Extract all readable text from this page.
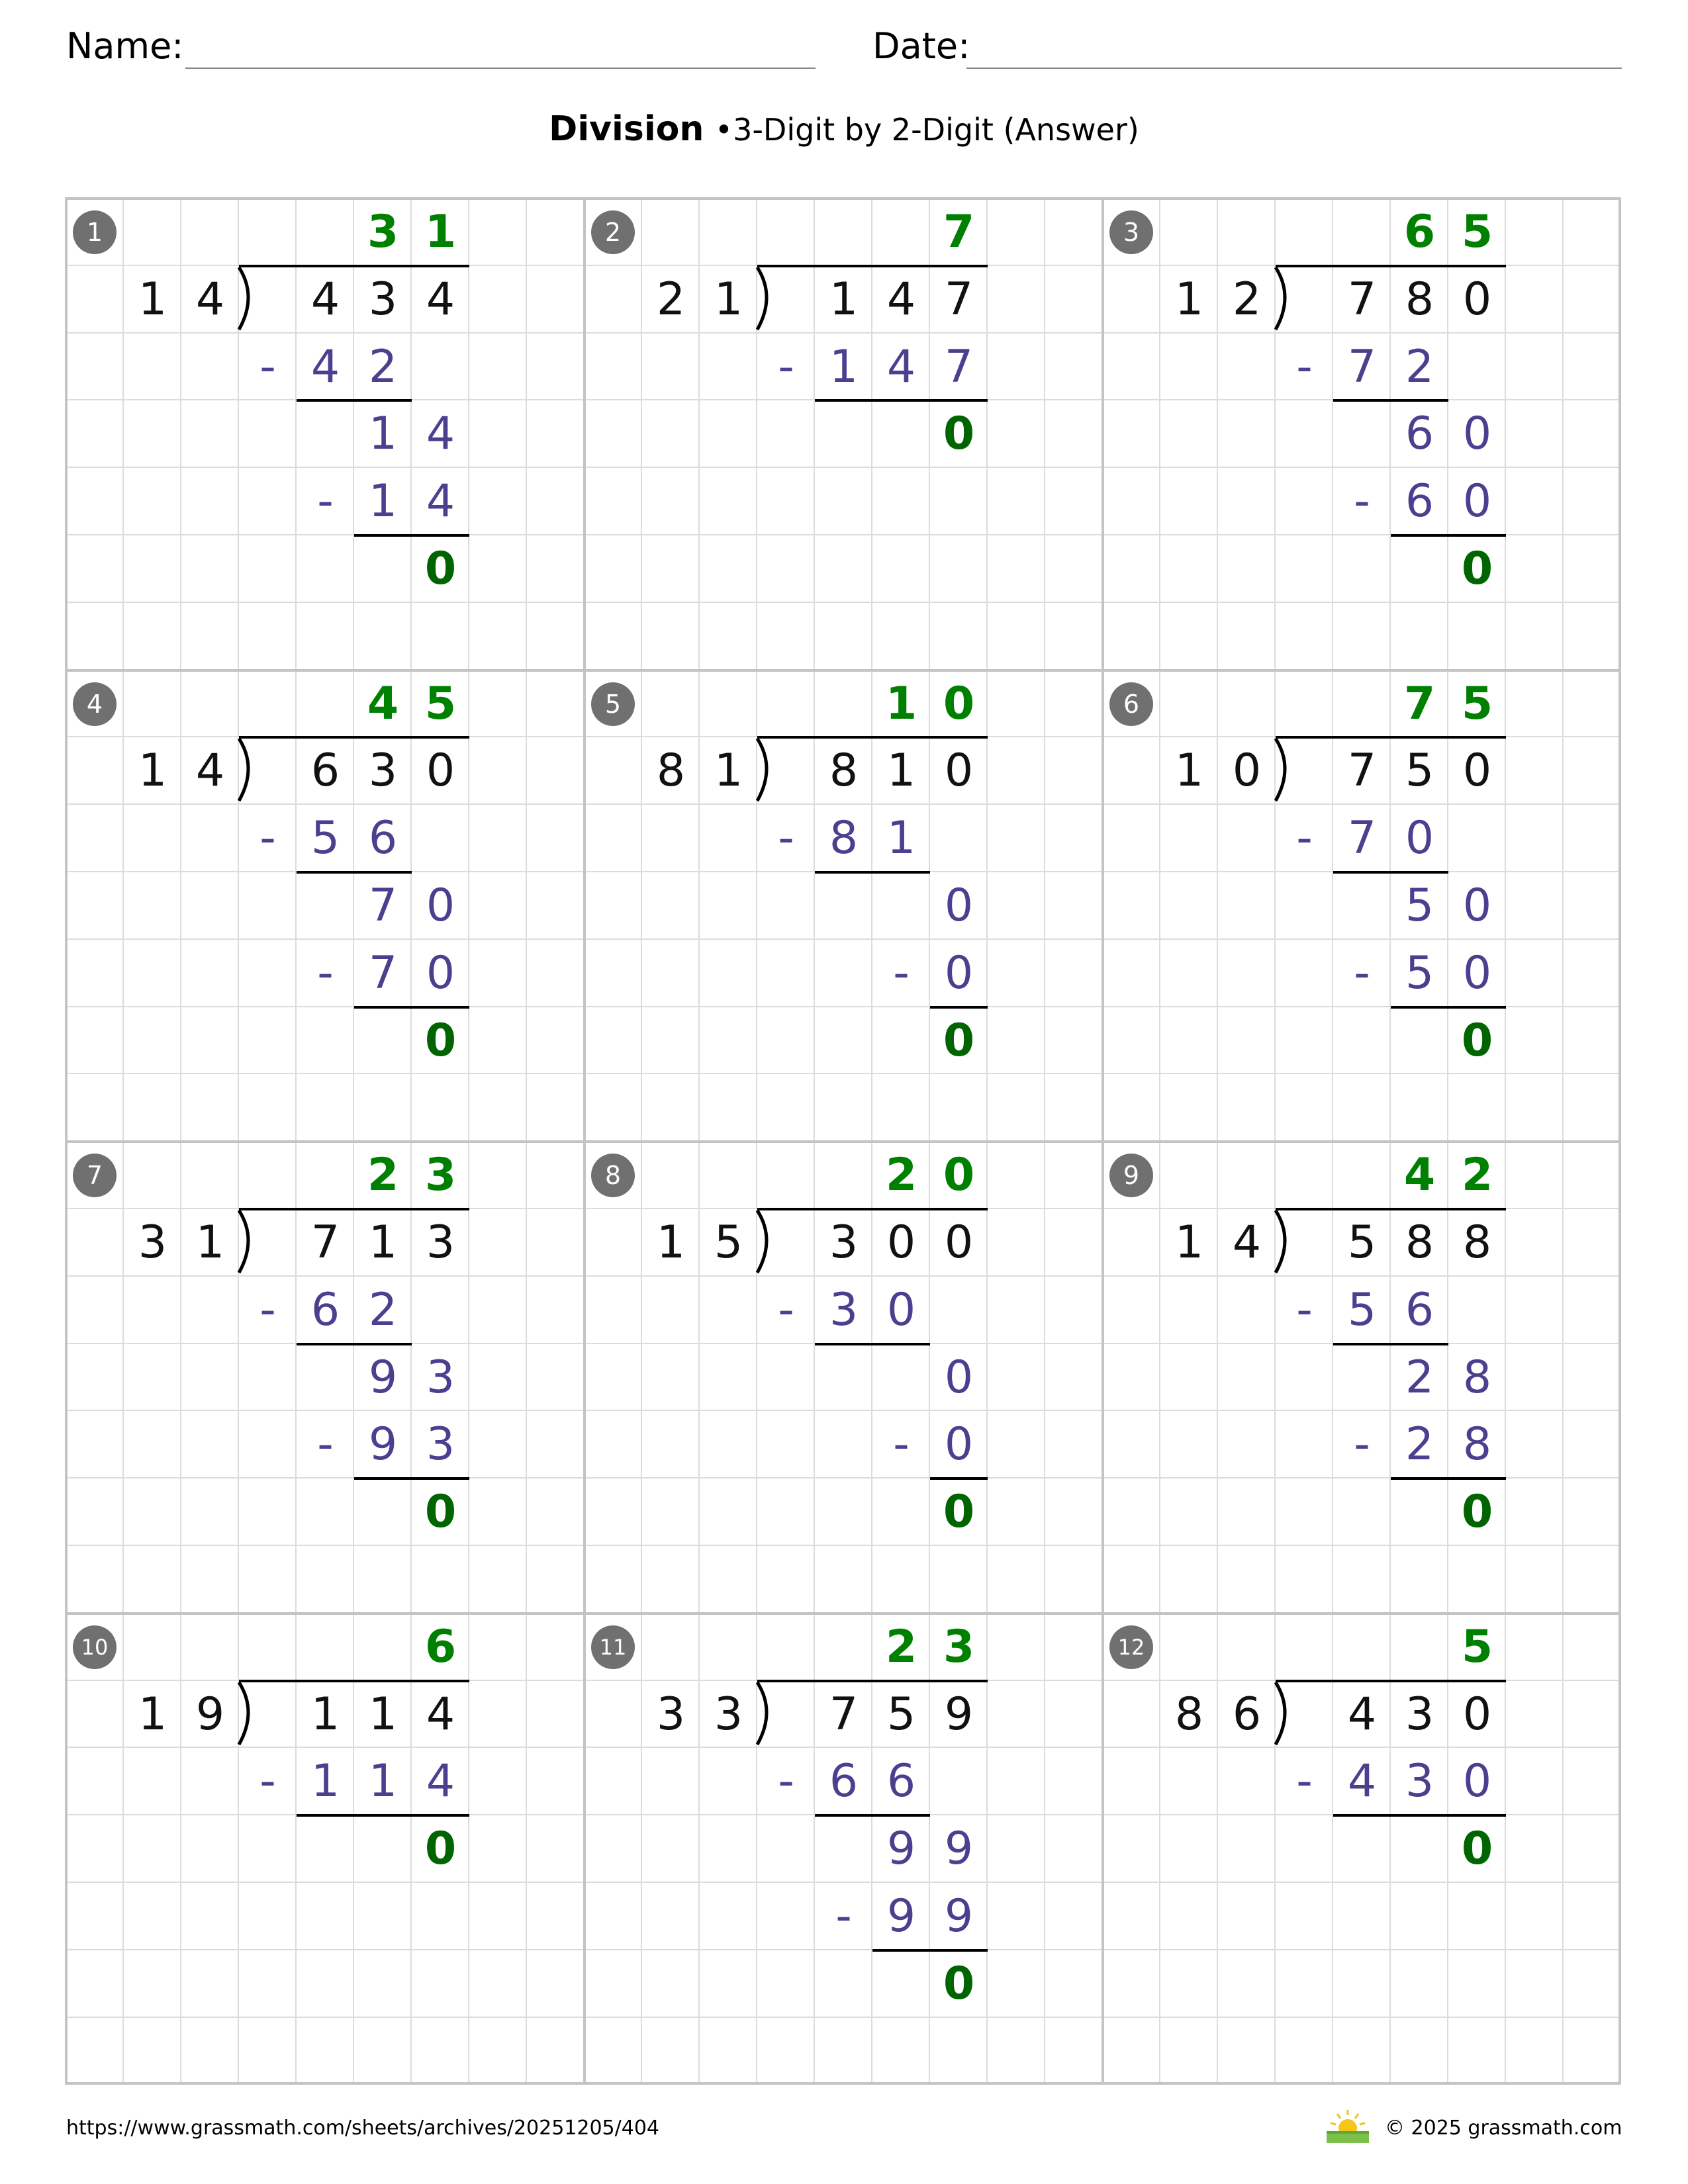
Name:	Date:
Division •3-Digit by 2-Digit (Answer)
1	3 1
1 4	4 3 4
- 4 2
1 4
- 1 4
0
2	7
2 1	1 4 7
- 1 4 7
0
3	6 5
1 2	7 8 0
- 7 2
6 0
- 6 0
0
4	4 5
1 4	6 3 0
- 5 6
7 0
- 7 0
0
5	1 0
8 1	8 1 0
- 8 1
0
- 0
0
6	7 5
1 0	7 5 0
- 7 0
5 0
- 5 0
0
7	2 3
3 1	7 1 3
- 6 2
9 3
- 9 3
0
8	2 0
1 5	3 0 0
- 3 0
0
- 0
0
9	4 2
1 4	5 8 8
- 5 6
2 8
- 2 8
0
10	6
1 9	1 1 4
- 1 1 4
0
11	2 3
3 3	7 5 9
- 6 6
9 9
- 9 9
0
12	5
8 6	4 3 0
- 4 3 0
0
https://www.grassmath.com/sheets/archives/20251205/404	© 2025 grassmath.com
